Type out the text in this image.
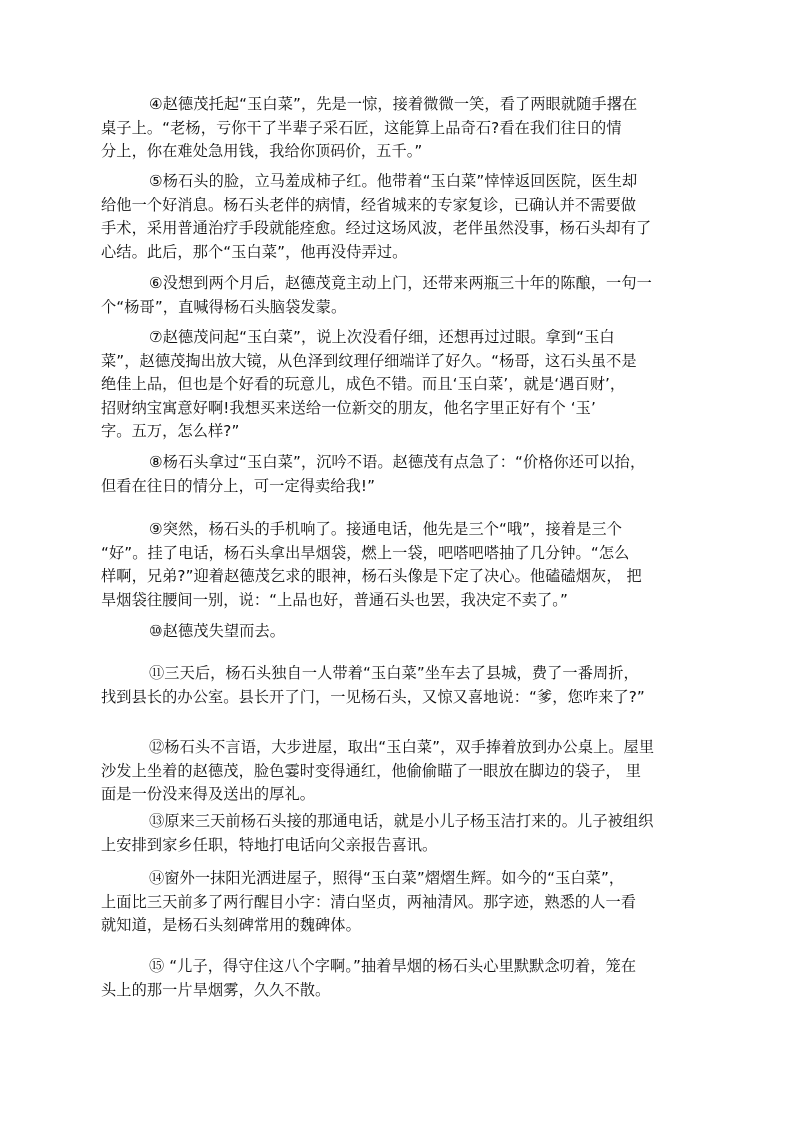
④赵德茂托起“玉白菜”，先是一惊，接着微微一笑，看了两眼就随手撂在
桌子上。“老杨，亏你干了半辈子采石匠，这能算上品奇石?看在我们往日的情
分上，你在难处急用钱，我给你顶码价，五千。”
⑤杨石头的脸，立马羞成柿子红。他带着“玉白菜”悻悻返回医院，医生却
给他一个好消息。杨石头老伴的病情，经省城来的专家复诊，已确认并不需要做
手术，采用普通治疗手段就能痊愈。经过这场风波，老伴虽然没事，杨石头却有了
心结。此后，那个“玉白菜”，他再没侍弄过。
⑥没想到两个月后，赵德茂竟主动上门，还带来两瓶三十年的陈酿，一句一
个“杨哥”，直喊得杨石头脑袋发蒙。
⑦赵德茂问起“玉白菜”，说上次没看仔细，还想再过过眼。拿到“玉白
菜”，赵德茂掏出放大镜，从色泽到纹理仔细端详了好久。“杨哥，这石头虽不是
绝佳上品，但也是个好看的玩意儿，成色不错。而且‘玉白菜’，就是‘遇百财’，
招财纳宝寓意好啊!我想买来送给一位新交的朋友，他名字里正好有个 ‘玉’
字。五万，怎么样?”
⑧杨石头拿过“玉白菜”，沉吟不语。赵德茂有点急了：“价格你还可以抬，
但看在往日的情分上，可一定得卖给我!”
⑨突然，杨石头的手机响了。接通电话，他先是三个“哦”，接着是三个
“好”。挂了电话，杨石头拿出旱烟袋，燃上一袋，吧嗒吧嗒抽了几分钟。“怎么
样啊，兄弟?”迎着赵德茂乞求的眼神，杨石头像是下定了决心。他磕磕烟灰， 把
旱烟袋往腰间一别，说：“上品也好，普通石头也罢，我决定不卖了。”
⑩赵德茂失望而去。
⑪三天后，杨石头独自一人带着“玉白菜”坐车去了县城，费了一番周折，
找到县长的办公室。县长开了门，一见杨石头，又惊又喜地说：“爹，您咋来了?”
⑫杨石头不言语，大步进屋，取出“玉白菜”，双手捧着放到办公桌上。屋里
沙发上坐着的赵德茂，脸色霎时变得通红，他偷偷瞄了一眼放在脚边的袋子， 里
面是一份没来得及送出的厚礼。
⑬原来三天前杨石头接的那通电话，就是小儿子杨玉洁打来的。儿子被组织
上安排到家乡任职，特地打电话向父亲报告喜讯。
⑭窗外一抹阳光洒进屋子，照得“玉白菜”熠熠生辉。如今的“玉白菜”，
上面比三天前多了两行醒目小字：清白坚贞，两袖清风。那字迹，熟悉的人一看
就知道，是杨石头刻碑常用的魏碑体。
⑮ “儿子，得守住这八个字啊。”抽着旱烟的杨石头心里默默念叨着，笼在
头上的那一片旱烟雾，久久不散。
